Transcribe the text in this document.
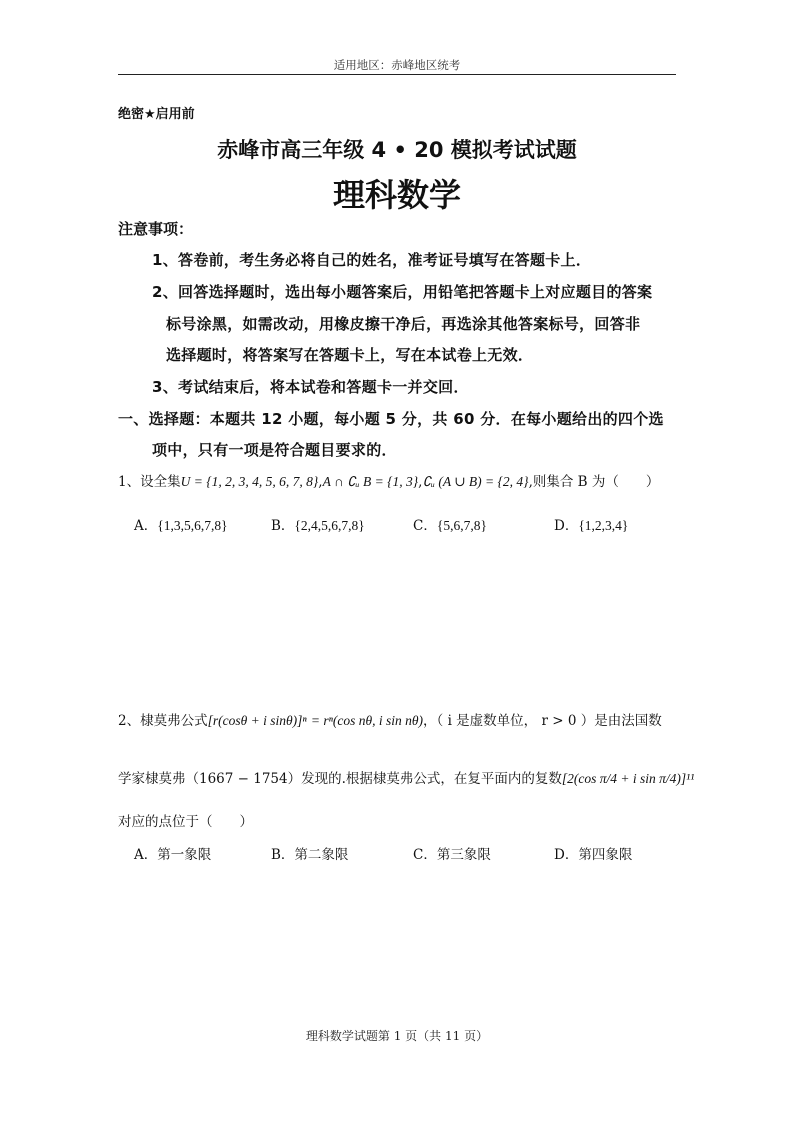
适用地区：赤峰地区统考
绝密★启用前
赤峰市高三年级 4 • 20 模拟考试试题
理科数学
注意事项：
1、答卷前，考生务必将自己的姓名，准考证号填写在答题卡上．
2、回答选择题时，选出每小题答案后，用铅笔把答题卡上对应题目的答案
标号涂黑，如需改动，用橡皮擦干净后，再选涂其他答案标号，回答非
选择题时，将答案写在答题卡上，写在本试卷上无效．
3、考试结束后，将本试卷和答题卡一并交回．
一、选择题：本题共 12 小题，每小题 5 分，共 60 分．在每小题给出的四个选
项中，只有一项是符合题目要求的．
1、设全集U = {1, 2, 3, 4, 5, 6, 7, 8},A ∩ ∁ᵤ B = {1, 3},∁ᵤ (A ∪ B) = {2, 4},则集合 B 为（　　）
A．{1,3,5,6,7,8}	B．{2,4,5,6,7,8}	C．{5,6,7,8}	D．{1,2,3,4}
2、棣莫弗公式[r(cosθ + i sinθ)]ⁿ = rⁿ(cos nθ, i sin nθ)，（ i 是虚数单位， r > 0 ）是由法国数
学家棣莫弗（1667 − 1754）发现的.根据棣莫弗公式，在复平面内的复数[2(cos π/4 + i sin π/4)]¹¹
对应的点位于（　　）
A．第一象限	B．第二象限	C．第三象限	D．第四象限
理科数学试题第 1 页（共 11 页）
